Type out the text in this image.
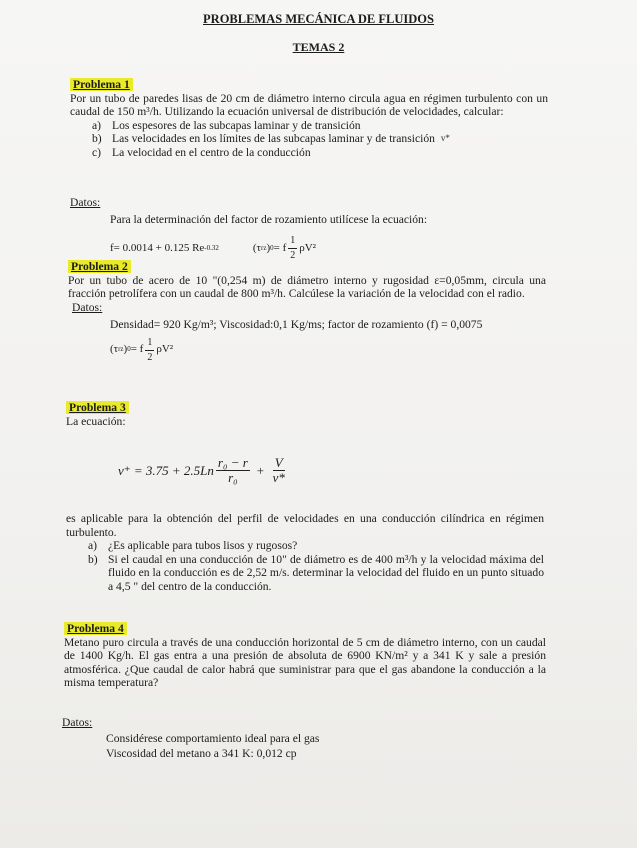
PROBLEMAS MECÁNICA DE FLUIDOS
TEMAS 2
Problema 1
Por un tubo de paredes lisas de 20 cm de diámetro interno circula agua en régimen turbulento con un caudal de 150 m³/h. Utilizando la ecuación universal de distribución de velocidades, calcular:
a) Los espesores de las subcapas laminar y de transición
b) Las velocidades en los límites de las subcapas laminar y de transición v*
c) La velocidad en el centro de la conducción
Datos:
Para la determinación del factor de rozamiento utilícese la ecuación:
f= 0.0014 + 0.125 Re -0.32	(τ rz ) 0 = f $\frac{1}{2} \rho V^2$
Problema 2
Por un tubo de acero de 10 "(0,254 m) de diámetro interno y rugosidad ε=0,05mm, circula una fracción petrolífera con un caudal de 800 m³/h. Calcúlese la variación de la velocidad con el radio.
Datos:
Densidad= 920 Kg/m³; Viscosidad:0,1 Kg/ms; factor de rozamiento (f) = 0,0075
(τ rz ) 0 = f $\frac{1}{2} \rho V^2$
Problema 3
La ecuación:
$v^+ = 3.75 + 2.5Ln \frac{\text{r₀ − r}}{\text{r₀}} + \frac{V}{v*}$
es aplicable para la obtención del perfil de velocidades en una conducción cilíndrica en régimen turbulento.
a) ¿Es aplicable para tubos lisos y rugosos?
b) Si el caudal en una conducción de 10" de diámetro es de 400 m³/h y la velocidad máxima del fluido en la conducción es de 2,52 m/s. determinar la velocidad del fluido en un punto situado a 4,5 " del centro de la conducción.
Problema 4
Metano puro circula a través de una conducción horizontal de 5 cm de diámetro interno, con un caudal de 1400 Kg/h. El gas entra a una presión de absoluta de 6900 KN/m² y a 341 K y sale a presión atmosférica. ¿Que caudal de calor habrá que suministrar para que el gas abandone la conducción a la misma temperatura?
Datos:
Considérese comportamiento ideal para el gas
Viscosidad del metano a 341 K: 0,012 cp
